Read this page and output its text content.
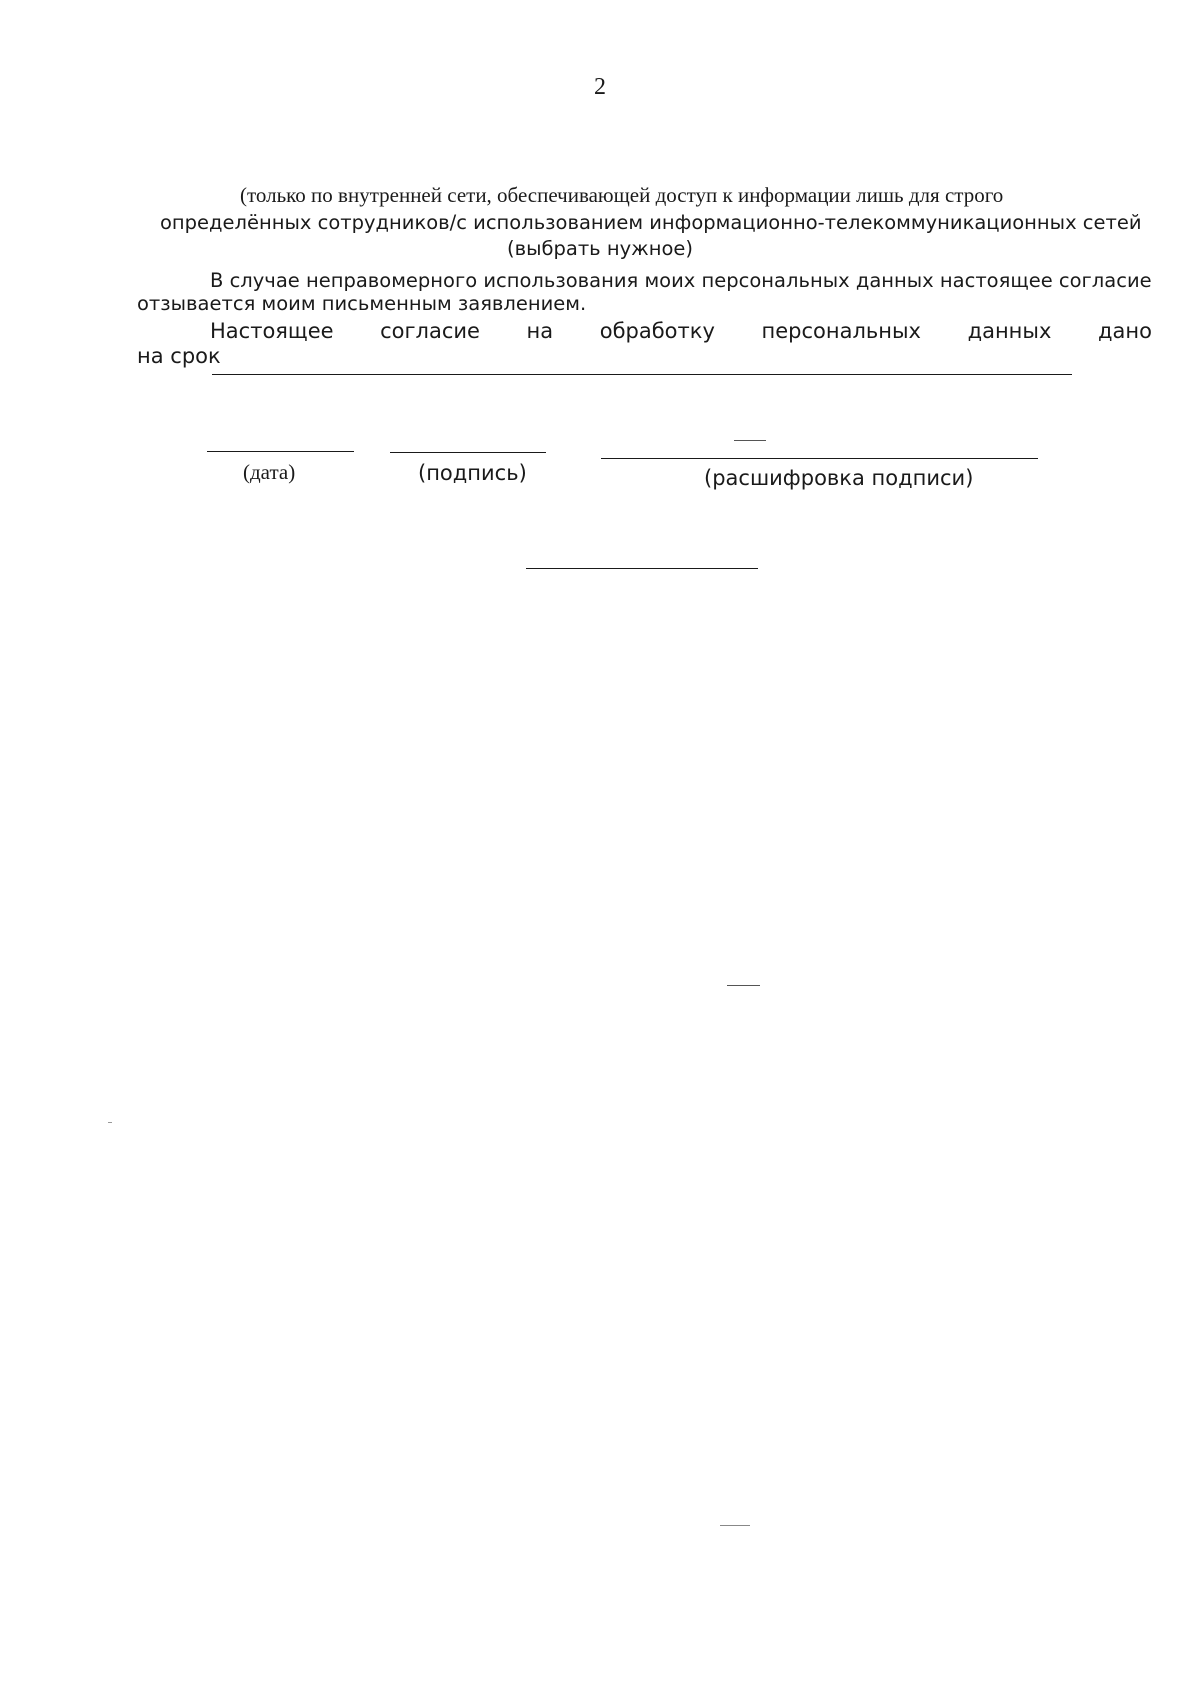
2
(только по внутренней сети, обеспечивающей доступ к информации лишь для строго
определённых сотрудников/с использованием информационно-телекоммуникационных сетей
(выбрать нужное)
В случае неправомерного использования моих персональных данных настоящее согласие
отзывается моим письменным заявлением.
Настоящее согласие на обработку персональных данных дано
на срок
(дата)	(подпись)	(расшифровка подписи)
